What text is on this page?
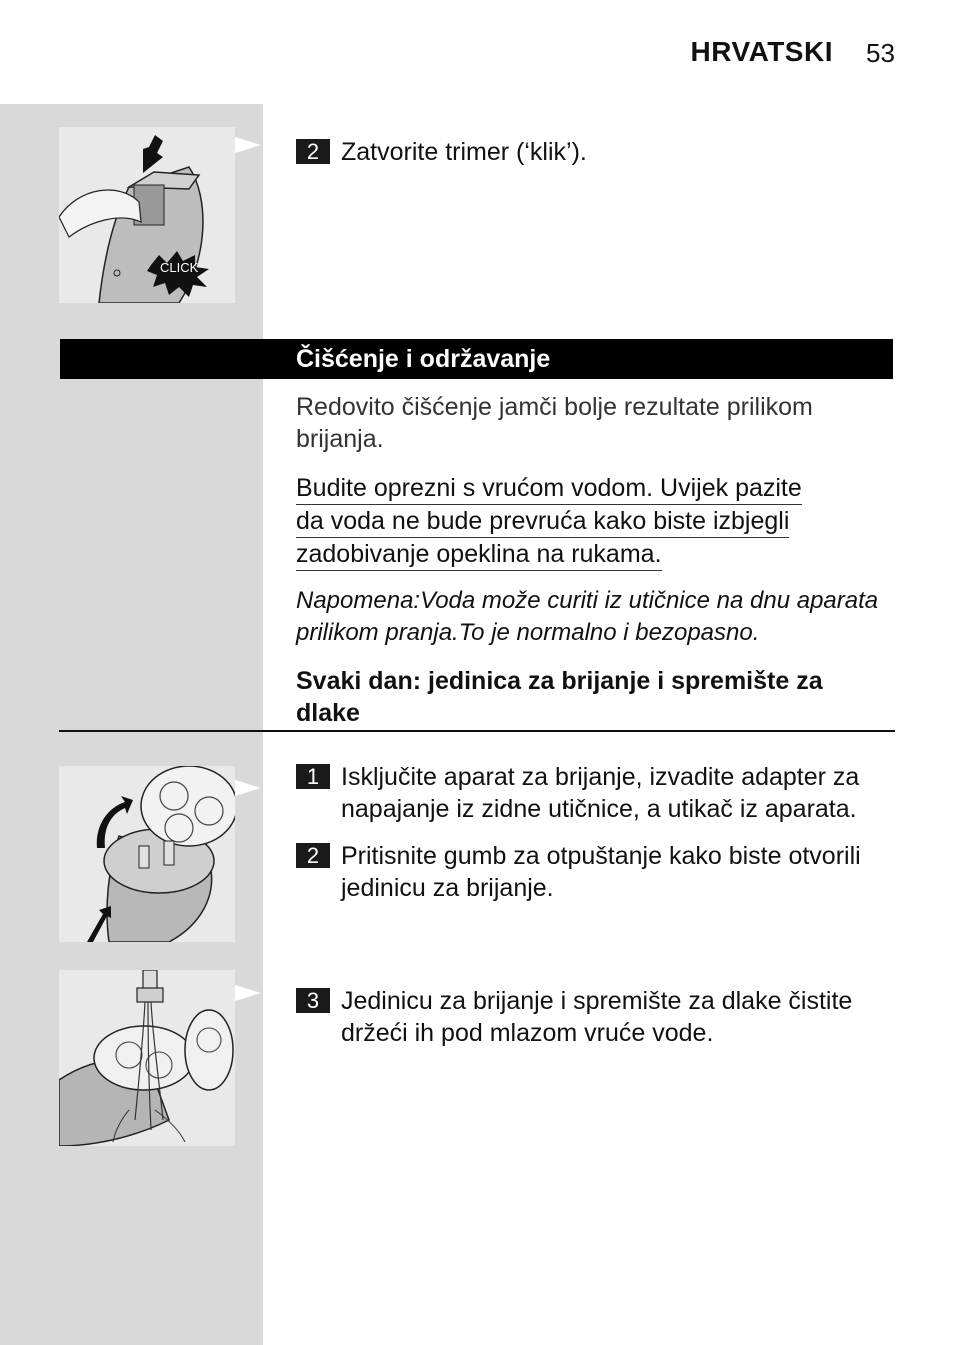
HRVATSKI 53
CLICK
2 Zatvorite trimer (‘klik’).
Čišćenje i održavanje
Redovito čišćenje jamči bolje rezultate prilikom brijanja.
Budite oprezni s vrućom vodom. Uvijek pazite
da voda ne bude prevruća kako biste izbjegli
zadobivanje opeklina na rukama.
Napomena:Voda može curiti iz utičnice na dnu aparata prilikom pranja.To je normalno i bezopasno.
Svaki dan: jedinica za brijanje i spremište za dlake
1 Isključite aparat za brijanje, izvadite adapter za napajanje iz zidne utičnice, a utikač iz aparata.
2 Pritisnite gumb za otpuštanje kako biste otvorili jedinicu za brijanje.
3 Jedinicu za brijanje i spremište za dlake čistite držeći ih pod mlazom vruće vode.
